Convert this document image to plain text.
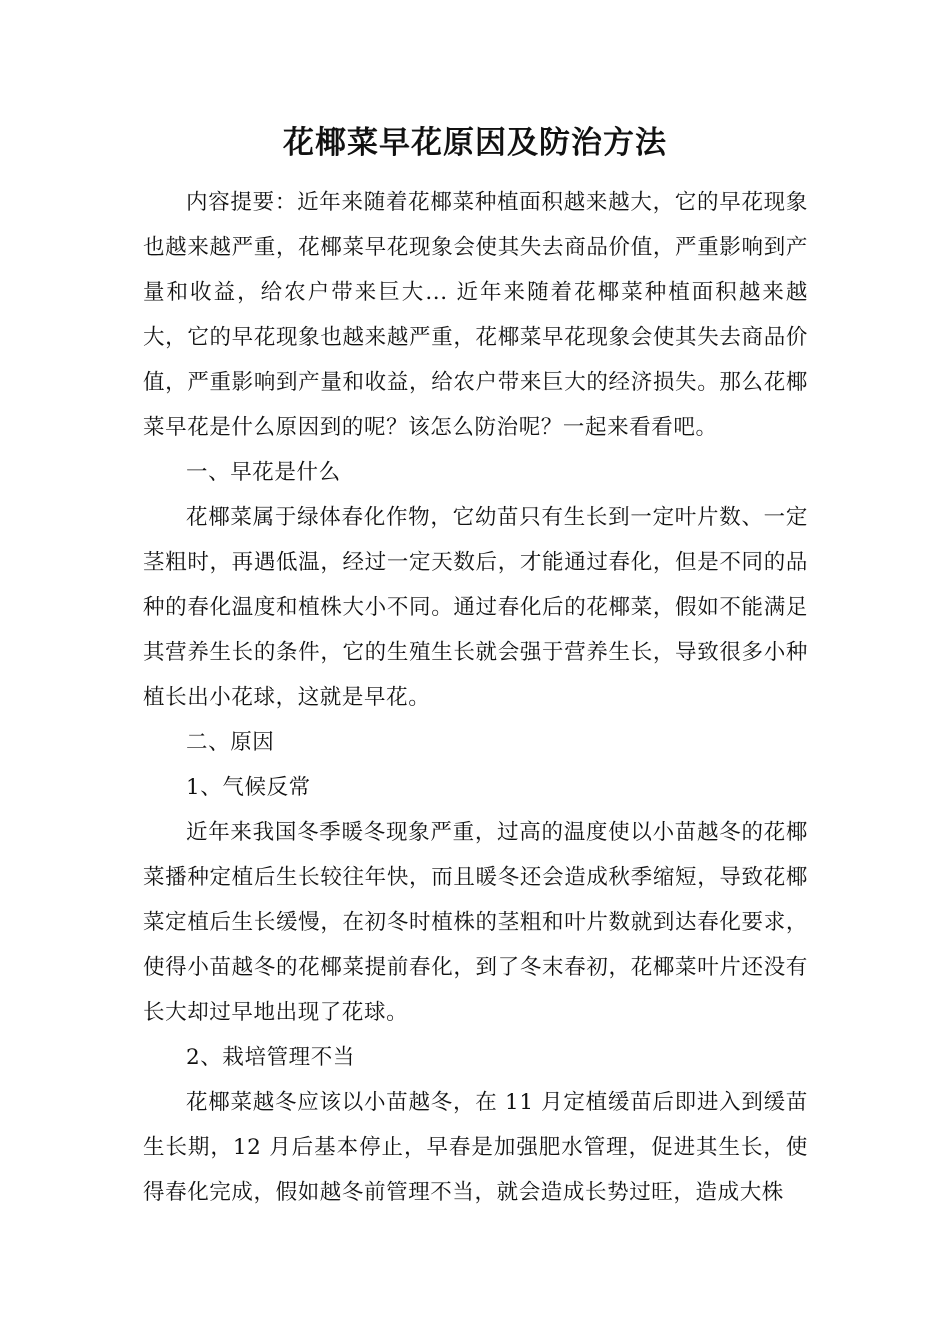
花椰菜早花原因及防治方法

内容提要：近年来随着花椰菜种植面积越来越大，它的早花现象也越来越严重，花椰菜早花现象会使其失去商品价值，严重影响到产量和收益，给农户带来巨大... 近年来随着花椰菜种植面积越来越大，它的早花现象也越来越严重，花椰菜早花现象会使其失去商品价值，严重影响到产量和收益，给农户带来巨大的经济损失。那么花椰菜早花是什么原因到的呢？该怎么防治呢？一起来看看吧。

一、早花是什么

花椰菜属于绿体春化作物，它幼苗只有生长到一定叶片数、一定茎粗时，再遇低温，经过一定天数后，才能通过春化，但是不同的品种的春化温度和植株大小不同。通过春化后的花椰菜，假如不能满足其营养生长的条件，它的生殖生长就会强于营养生长，导致很多小种植长出小花球，这就是早花。

二、原因

1、气候反常

近年来我国冬季暖冬现象严重，过高的温度使以小苗越冬的花椰菜播种定植后生长较往年快，而且暖冬还会造成秋季缩短，导致花椰菜定植后生长缓慢，在初冬时植株的茎粗和叶片数就到达春化要求，使得小苗越冬的花椰菜提前春化，到了冬末春初，花椰菜叶片还没有长大却过早地出现了花球。

2、栽培管理不当

花椰菜越冬应该以小苗越冬，在 11 月定植缓苗后即进入到缓苗生长期，12 月后基本停止，早春是加强肥水管理，促进其生长，使得春化完成，假如越冬前管理不当，就会造成长势过旺，造成大株
